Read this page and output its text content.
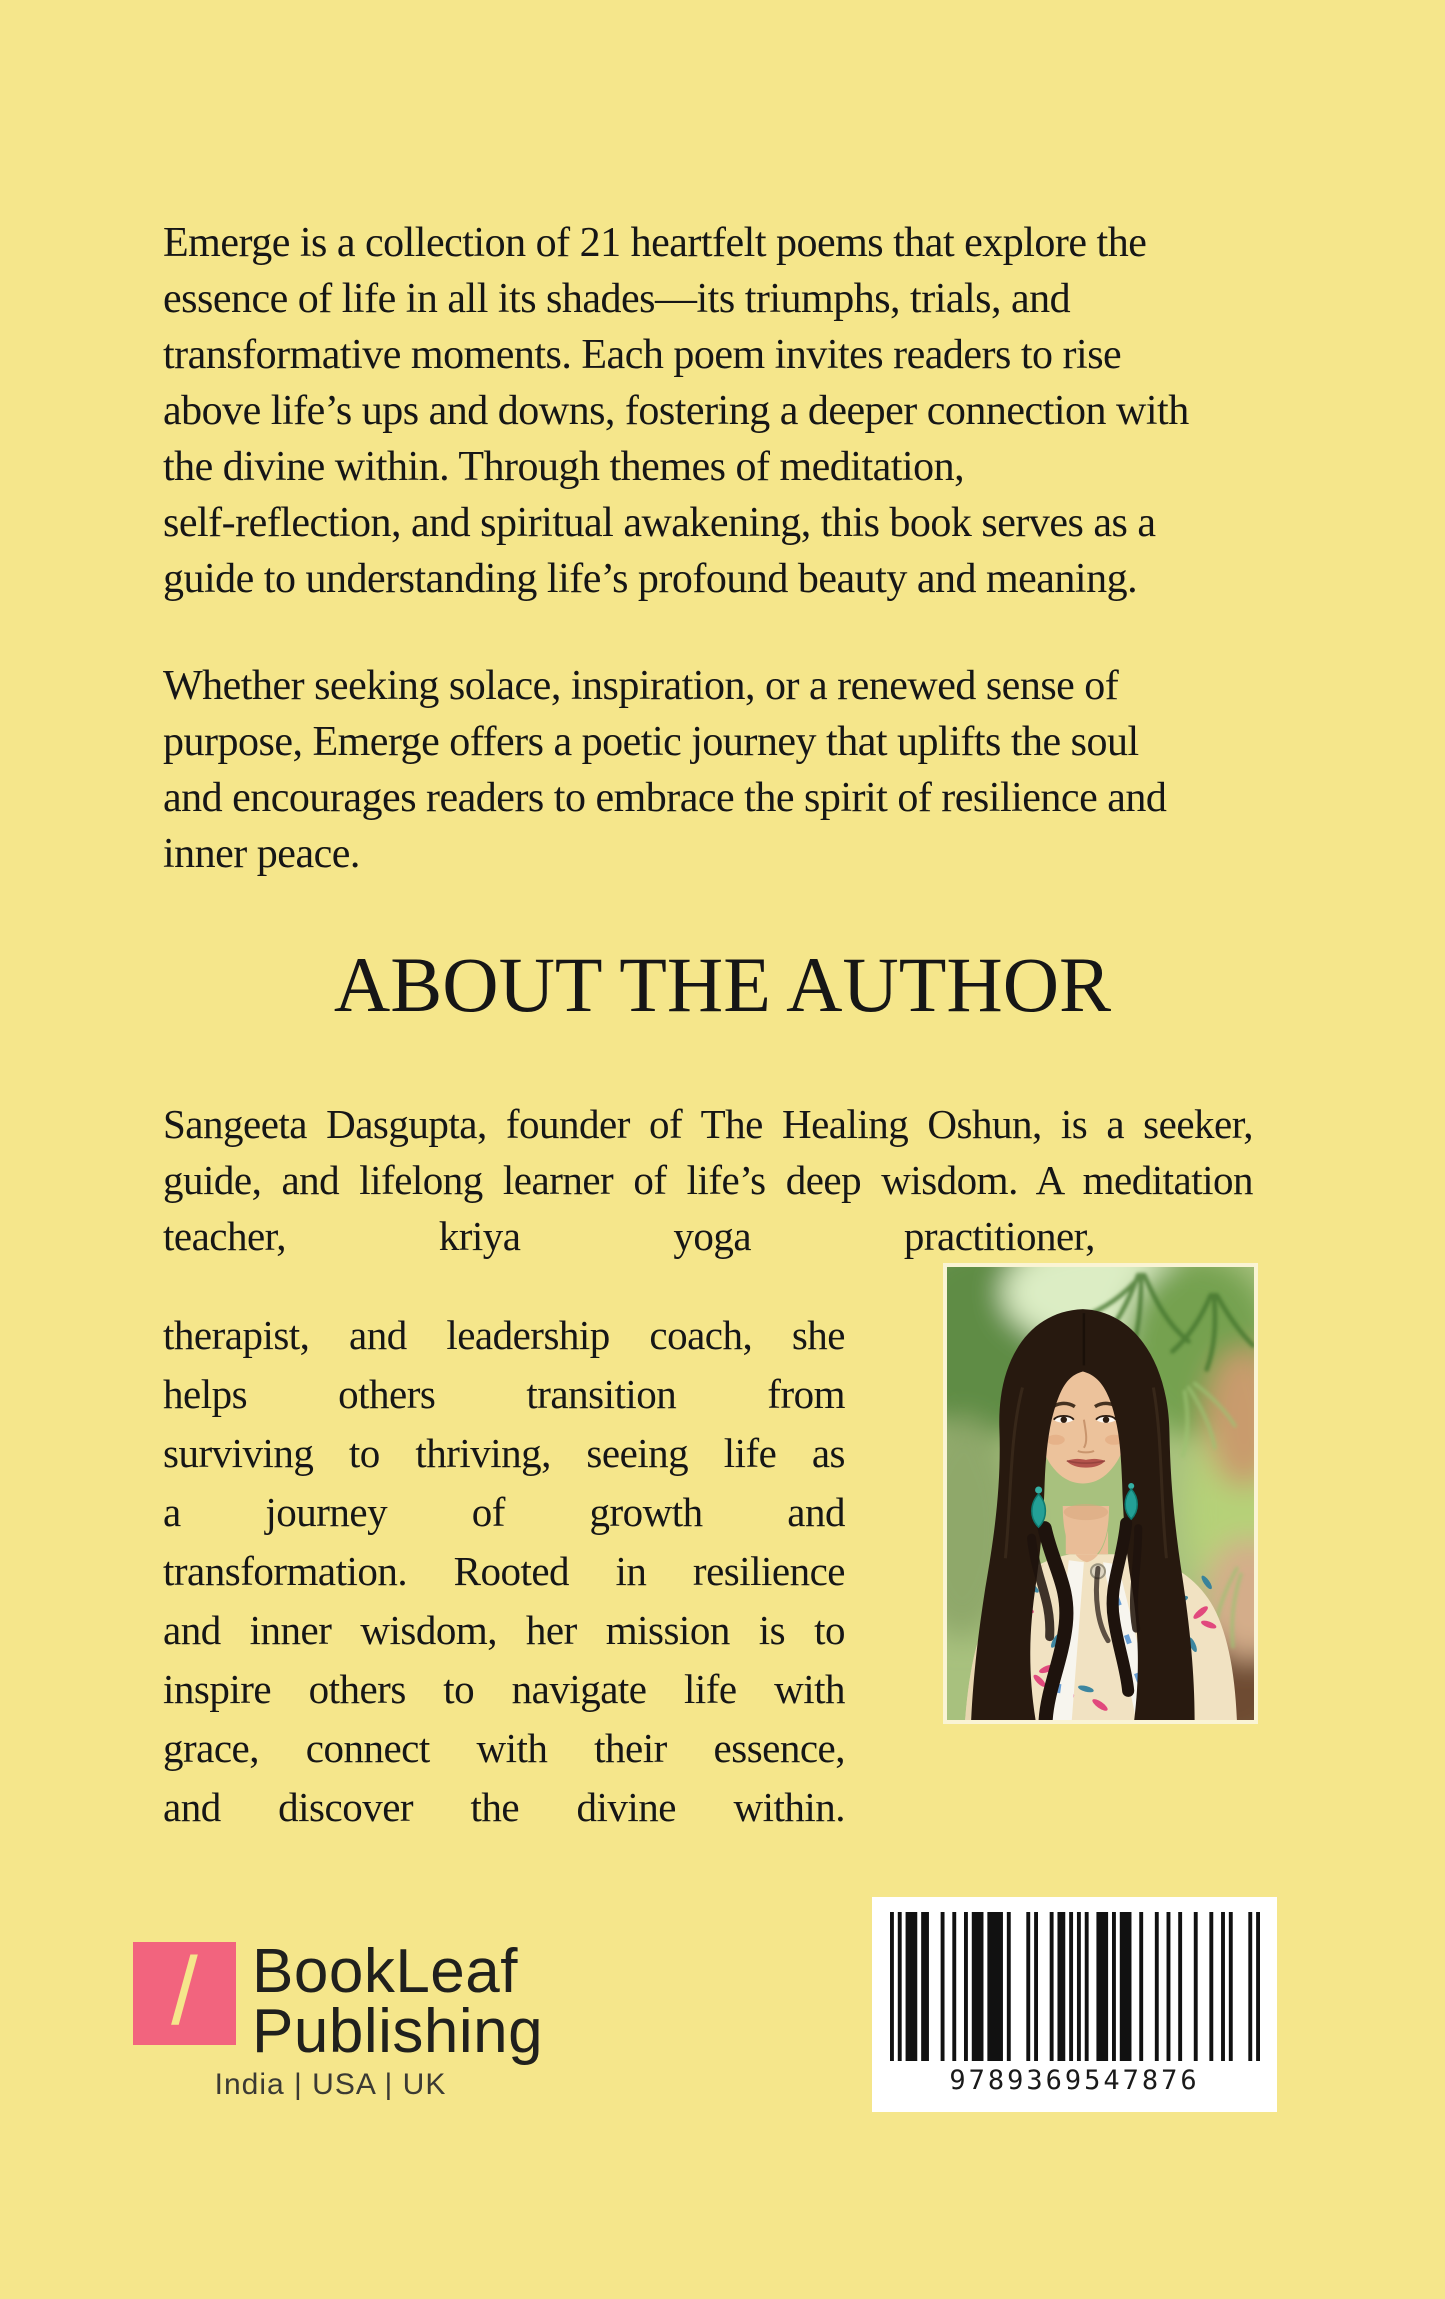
Emerge is a collection of 21 heartfelt poems that explore the
essence of life in all its shades—its triumphs, trials, and
transformative moments. Each poem invites readers to rise
above life’s ups and downs, fostering a deeper connection with
the divine within. Through themes of meditation,
self-reflection, and spiritual awakening, this book serves as a
guide to understanding life’s profound beauty and meaning.
Whether seeking solace, inspiration, or a renewed sense of
purpose, Emerge offers a poetic journey that uplifts the soul
and encourages readers to embrace the spirit of resilience and
inner peace.
ABOUT THE AUTHOR
Sangeeta Dasgupta, founder of The Healing Oshun, is a seeker,
guide, and lifelong learner of life’s deep wisdom. A meditation
teacher, kriya yoga practitioner,
therapist, and leadership coach, she
helps others transition from
surviving to thriving, seeing life as
a journey of growth and
transformation. Rooted in resilience
and inner wisdom, her mission is to
inspire others to navigate life with
grace, connect with their essence,
and discover the divine within.
/ BookLeaf
Publishing
India | USA | UK	9789369547876
